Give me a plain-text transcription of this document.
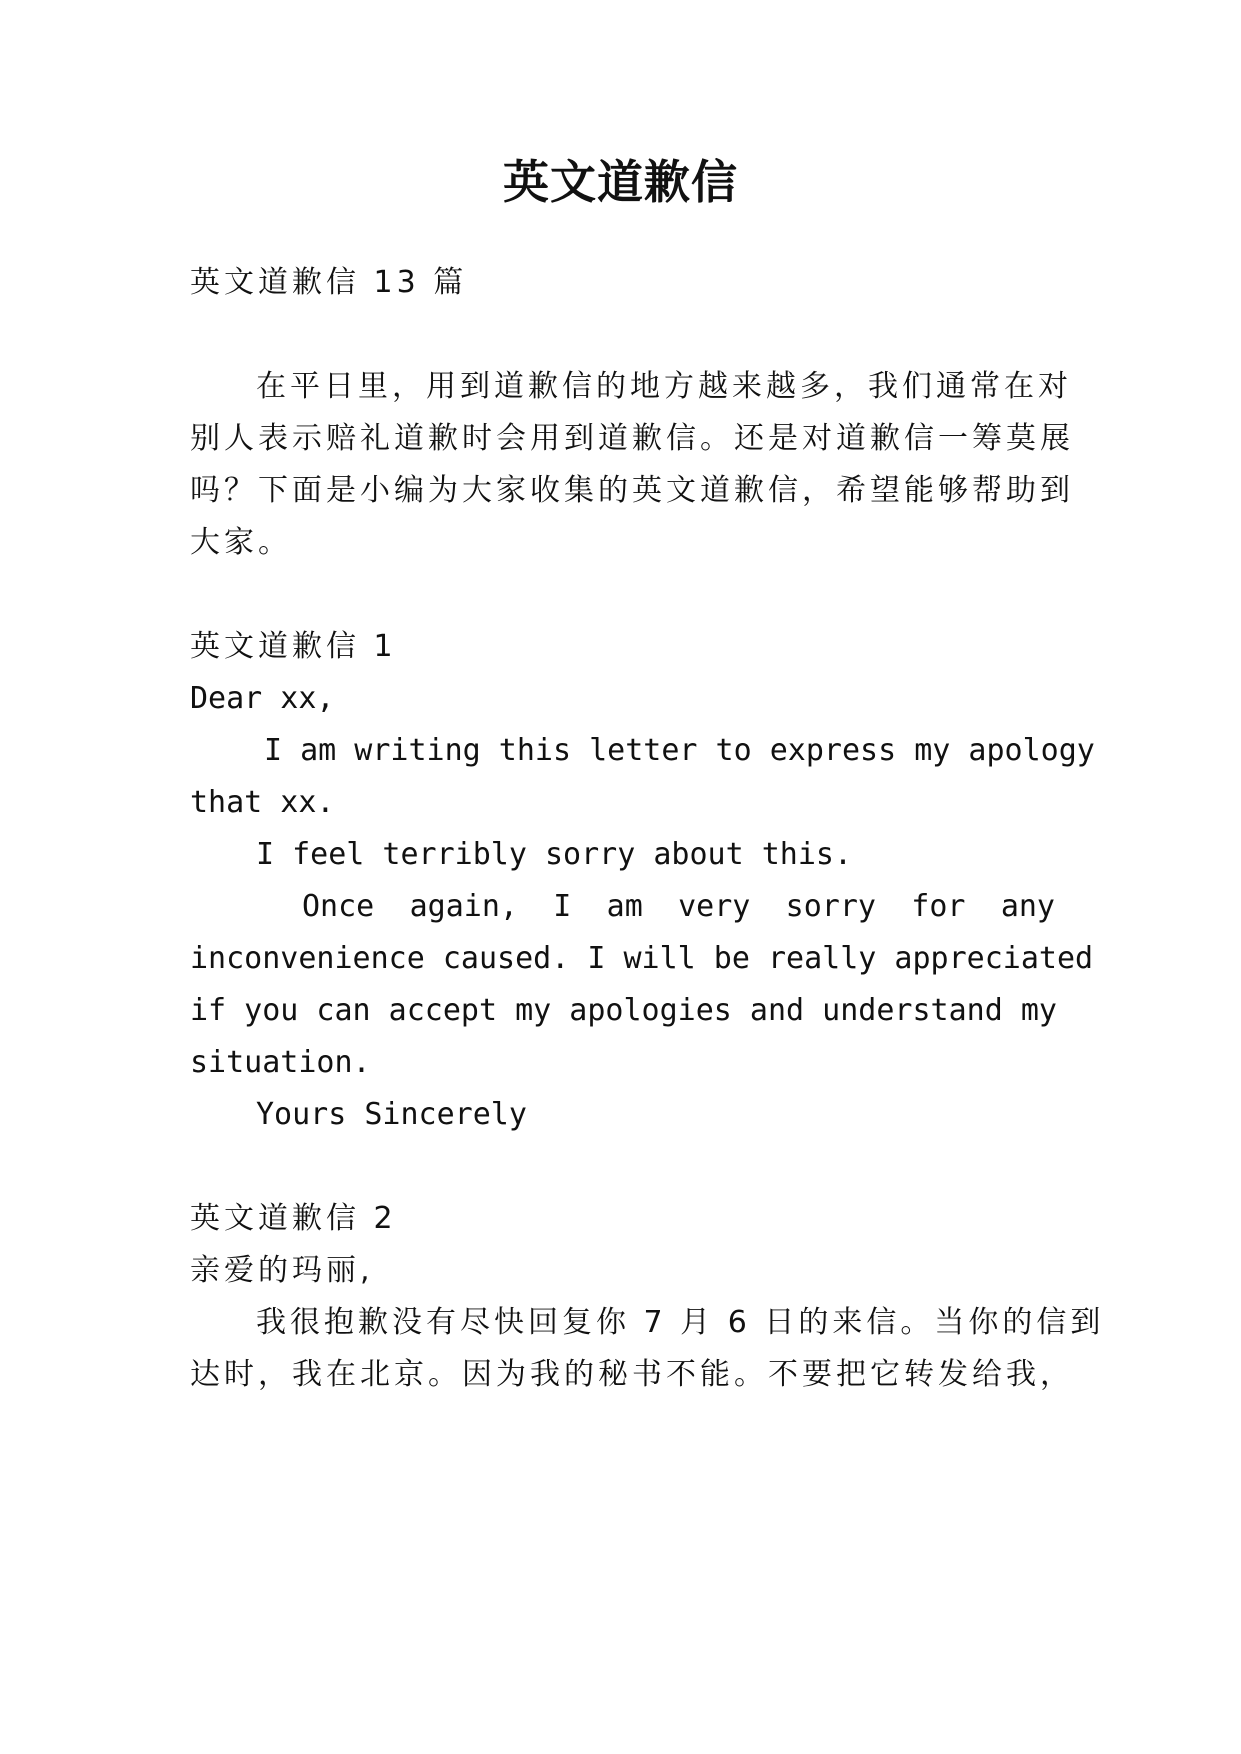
英文道歉信
英文道歉信 13 篇
在平日里，用到道歉信的地方越来越多，我们通常在对
别人表示赔礼道歉时会用到道歉信。还是对道歉信一筹莫展
吗？下面是小编为大家收集的英文道歉信，希望能够帮助到
大家。
英文道歉信 1
Dear xx,
I am writing this letter to express my apology
that xx.
I feel terribly sorry about this.
Once again, I am very sorry for any
inconvenience caused. I will be really appreciated
if you can accept my apologies and understand my
situation.
Yours Sincerely
英文道歉信 2
亲爱的玛丽,
我很抱歉没有尽快回复你 7 月 6 日的来信。当你的信到
达时，我在北京。因为我的秘书不能。不要把它转发给我，
